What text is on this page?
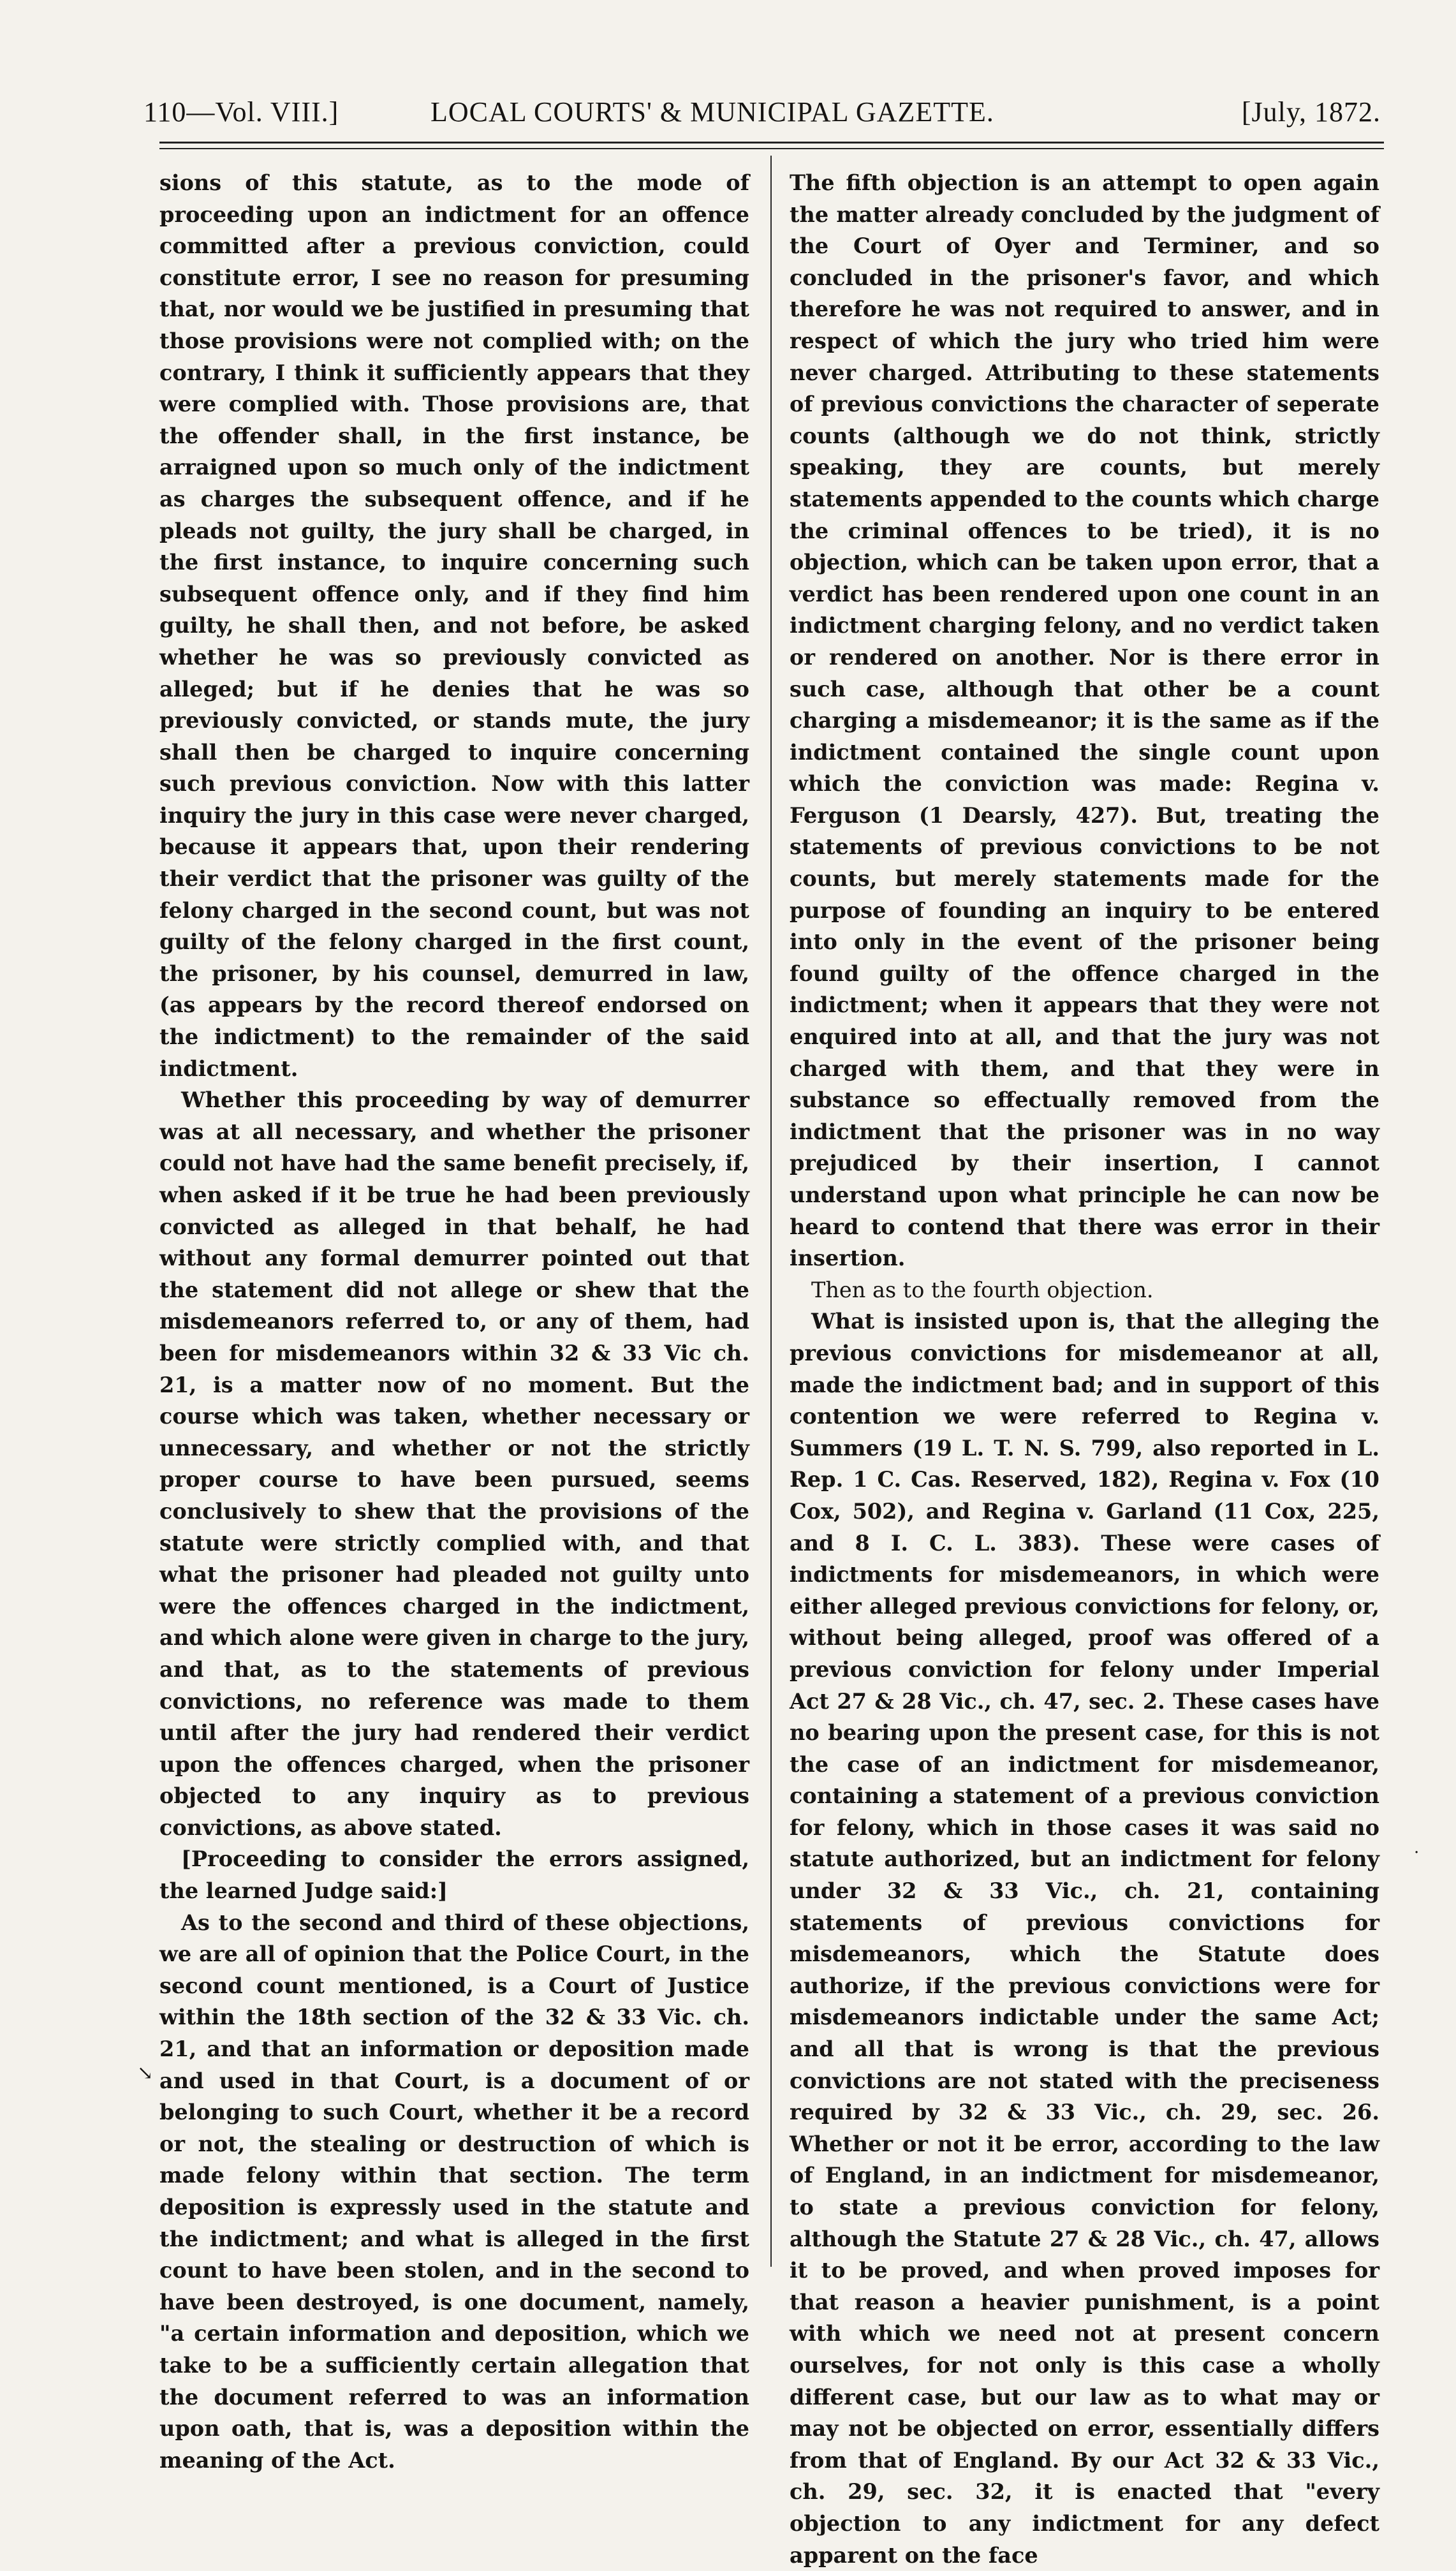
110—Vol. VIII.]	LOCAL COURTS' & MUNICIPAL GAZETTE.	[July, 1872.

sions of this statute, as to the mode of proceeding upon an indictment for an offence committed after a previous conviction, could constitute error, I see no reason for presuming that, nor would we be justified in presuming that those provisions were not complied with; on the contrary, I think it sufficiently appears that they were complied with. Those provisions are, that the offender shall, in the first instance, be arraigned upon so much only of the indictment as charges the subsequent offence, and if he pleads not guilty, the jury shall be charged, in the first instance, to inquire concerning such subsequent offence only, and if they find him guilty, he shall then, and not before, be asked whether he was so previously convicted as alleged; but if he denies that he was so previously convicted, or stands mute, the jury shall then be charged to inquire concerning such previous conviction. Now with this latter inquiry the jury in this case were never charged, because it appears that, upon their rendering their verdict that the prisoner was guilty of the felony charged in the second count, but was not guilty of the felony charged in the first count, the prisoner, by his counsel, demurred in law, (as appears by the record thereof endorsed on the indictment) to the remainder of the said indictment.

Whether this proceeding by way of demurrer was at all necessary, and whether the prisoner could not have had the same benefit precisely, if, when asked if it be true he had been previously convicted as alleged in that behalf, he had without any formal demurrer pointed out that the statement did not allege or shew that the misdemeanors referred to, or any of them, had been for misdemeanors within 32 & 33 Vic ch. 21, is a matter now of no moment. But the course which was taken, whether necessary or unnecessary, and whether or not the strictly proper course to have been pursued, seems conclusively to shew that the provisions of the statute were strictly complied with, and that what the prisoner had pleaded not guilty unto were the offences charged in the indictment, and which alone were given in charge to the jury, and that, as to the statements of previous convictions, no reference was made to them until after the jury had rendered their verdict upon the offences charged, when the prisoner objected to any inquiry as to previous convictions, as above stated.

[Proceeding to consider the errors assigned, the learned Judge said:]

As to the second and third of these objections, we are all of opinion that the Police Court, in the second count mentioned, is a Court of Justice within the 18th section of the 32 & 33 Vic. ch. 21, and that an information or deposition made and used in that Court, is a document of or belonging to such Court, whether it be a record or not, the stealing or destruction of which is made felony within that section. The term deposition is expressly used in the statute and the indictment; and what is alleged in the first count to have been stolen, and in the second to have been destroyed, is one document, namely, "a certain information and deposition, which we take to be a sufficiently certain allegation that the document referred to was an information upon oath, that is, was a deposition within the meaning of the Act.

The fifth objection is an attempt to open again the matter already concluded by the judgment of the Court of Oyer and Terminer, and so concluded in the prisoner's favor, and which therefore he was not required to answer, and in respect of which the jury who tried him were never charged. Attributing to these statements of previous convictions the character of seperate counts (although we do not think, strictly speaking, they are counts, but merely statements appended to the counts which charge the criminal offences to be tried), it is no objection, which can be taken upon error, that a verdict has been rendered upon one count in an indictment charging felony, and no verdict taken or rendered on another. Nor is there error in such case, although that other be a count charging a misdemeanor; it is the same as if the indictment contained the single count upon which the conviction was made: Regina v. Ferguson (1 Dearsly, 427). But, treating the statements of previous convictions to be not counts, but merely statements made for the purpose of founding an inquiry to be entered into only in the event of the prisoner being found guilty of the offence charged in the indictment; when it appears that they were not enquired into at all, and that the jury was not charged with them, and that they were in substance so effectually removed from the indictment that the prisoner was in no way prejudiced by their insertion, I cannot understand upon what principle he can now be heard to contend that there was error in their insertion.

Then as to the fourth objection.

What is insisted upon is, that the alleging the previous convictions for misdemeanor at all, made the indictment bad; and in support of this contention we were referred to Regina v. Summers (19 L. T. N. S. 799, also reported in L. Rep. 1 C. Cas. Reserved, 182), Regina v. Fox (10 Cox, 502), and Regina v. Garland (11 Cox, 225, and 8 I. C. L. 383). These were cases of indictments for misdemeanors, in which were either alleged previous convictions for felony, or, without being alleged, proof was offered of a previous conviction for felony under Imperial Act 27 & 28 Vic., ch. 47, sec. 2. These cases have no bearing upon the present case, for this is not the case of an indictment for misdemeanor, containing a statement of a previous conviction for felony, which in those cases it was said no statute authorized, but an indictment for felony under 32 & 33 Vic., ch. 21, containing statements of previous convictions for misdemeanors, which the Statute does authorize, if the previous convictions were for misdemeanors indictable under the same Act; and all that is wrong is that the previous convictions are not stated with the preciseness required by 32 & 33 Vic., ch. 29, sec. 26. Whether or not it be error, according to the law of England, in an indictment for misdemeanor, to state a previous conviction for felony, although the Statute 27 & 28 Vic., ch. 47, allows it to be proved, and when proved imposes for that reason a heavier punishment, is a point with which we need not at present concern ourselves, for not only is this case a wholly different case, but our law as to what may or may not be objected on error, essentially differs from that of England. By our Act 32 & 33 Vic., ch. 29, sec. 32, it is enacted that "every objection to any indictment for any defect apparent on the face

↘
·
